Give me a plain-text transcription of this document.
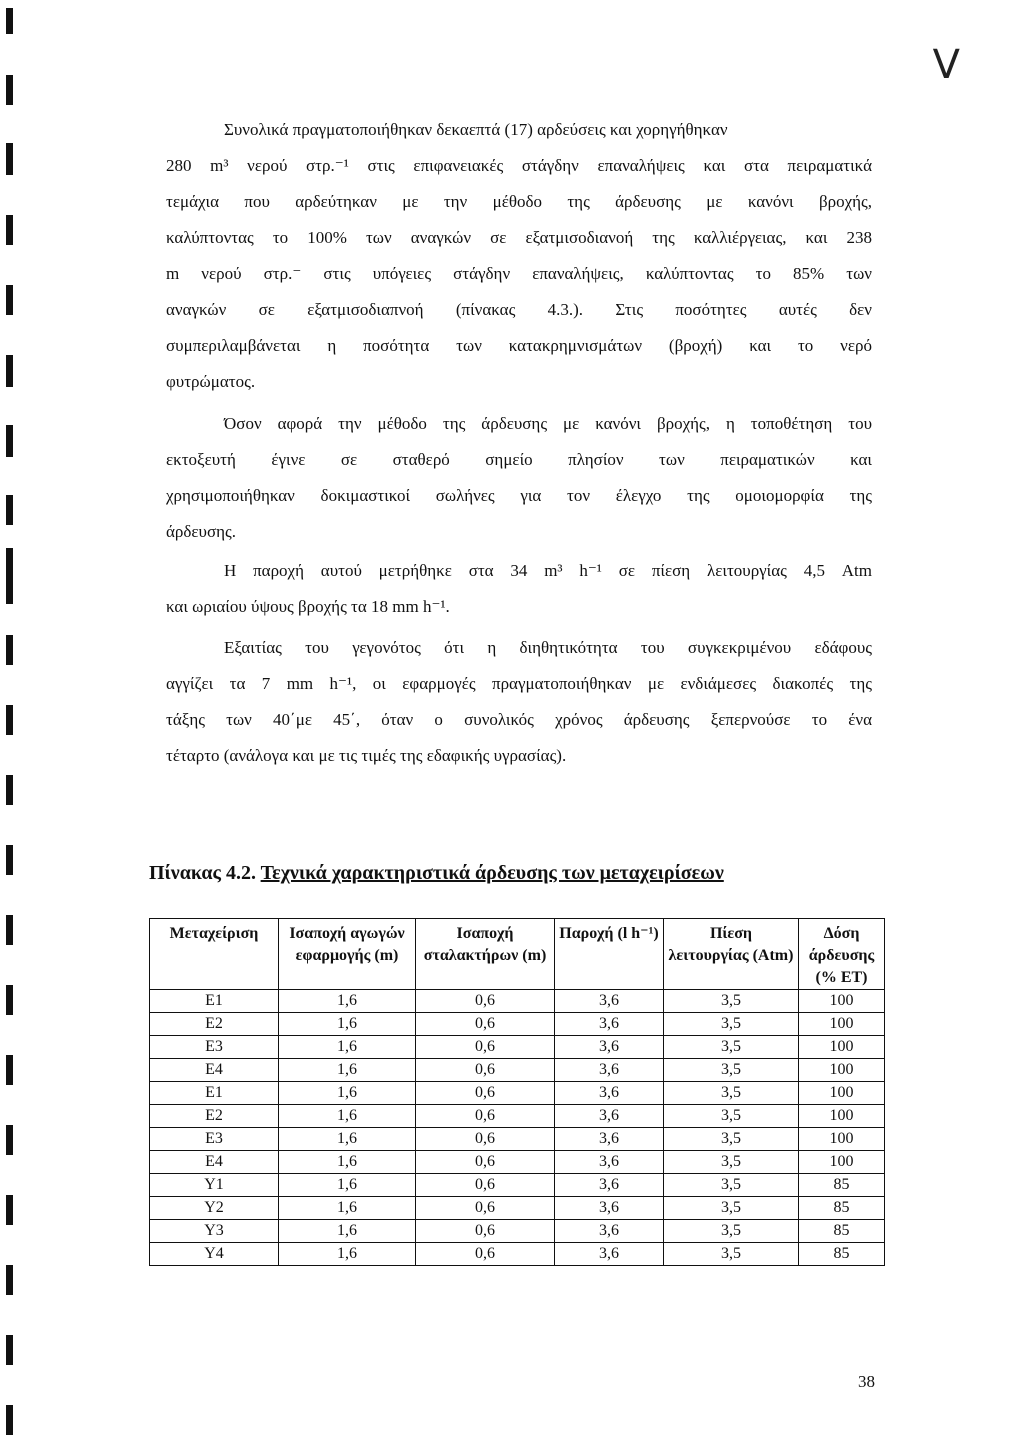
V
Συνολικά πραγματοποιήθηκαν δεκαεπτά (17) αρδεύσεις και χορηγήθηκαν
280 m³ νερού στρ.⁻¹ στις επιφανειακές στάγδην επαναλήψεις και στα πειραματικά
τεμάχια που αρδεύτηκαν με την μέθοδο της άρδευσης με κανόνι βροχής,
καλύπτοντας το 100% των αναγκών σε εξατμισοδιανοή της καλλιέργειας, και 238
m νερού στρ.⁻ στις υπόγειες στάγδην επαναλήψεις, καλύπτοντας το 85% των
αναγκών σε εξατμισοδιαπνοή (πίνακας 4.3.). Στις ποσότητες αυτές δεν
συμπεριλαμβάνεται η ποσότητα των κατακρημνισμάτων (βροχή) και το νερό
φυτρώματος.
Όσον αφορά την μέθοδο της άρδευσης με κανόνι βροχής, η τοποθέτηση του
εκτοξευτή έγινε σε σταθερό σημείο πλησίον των πειραματικών και
χρησιμοποιήθηκαν δοκιμαστικοί σωλήνες για τον έλεγχο της ομοιομορφία της
άρδευσης.
Η παροχή αυτού μετρήθηκε στα 34 m³ h⁻¹ σε πίεση λειτουργίας 4,5 Atm
και ωριαίου ύψους βροχής τα 18 mm h⁻¹.
Εξαιτίας του γεγονότος ότι η διηθητικότητα του συγκεκριμένου εδάφους
αγγίζει τα 7 mm h⁻¹, οι εφαρμογές πραγματοποιήθηκαν με ενδιάμεσες διακοπές της
τάξης των 40΄με 45΄, όταν ο συνολικός χρόνος άρδευσης ξεπερνούσε το ένα
τέταρτο (ανάλογα και με τις τιμές της εδαφικής υγρασίας).
Πίνακας 4.2. Τεχνικά χαρακτηριστικά άρδευσης των μεταχειρίσεων
Μεταχείριση	Ισαποχή αγωγών εφαρμογής (m)	Ισαποχή σταλακτήρων (m)	Παροχή (l h⁻¹)	Πίεση λειτουργίας (Atm)	Δόση άρδευσης (% ET)
E1	1,6	0,6	3,6	3,5	100
E2	1,6	0,6	3,6	3,5	100
E3	1,6	0,6	3,6	3,5	100
E4	1,6	0,6	3,6	3,5	100
E1	1,6	0,6	3,6	3,5	100
E2	1,6	0,6	3,6	3,5	100
E3	1,6	0,6	3,6	3,5	100
E4	1,6	0,6	3,6	3,5	100
Y1	1,6	0,6	3,6	3,5	85
Y2	1,6	0,6	3,6	3,5	85
Y3	1,6	0,6	3,6	3,5	85
Y4	1,6	0,6	3,6	3,5	85
38
